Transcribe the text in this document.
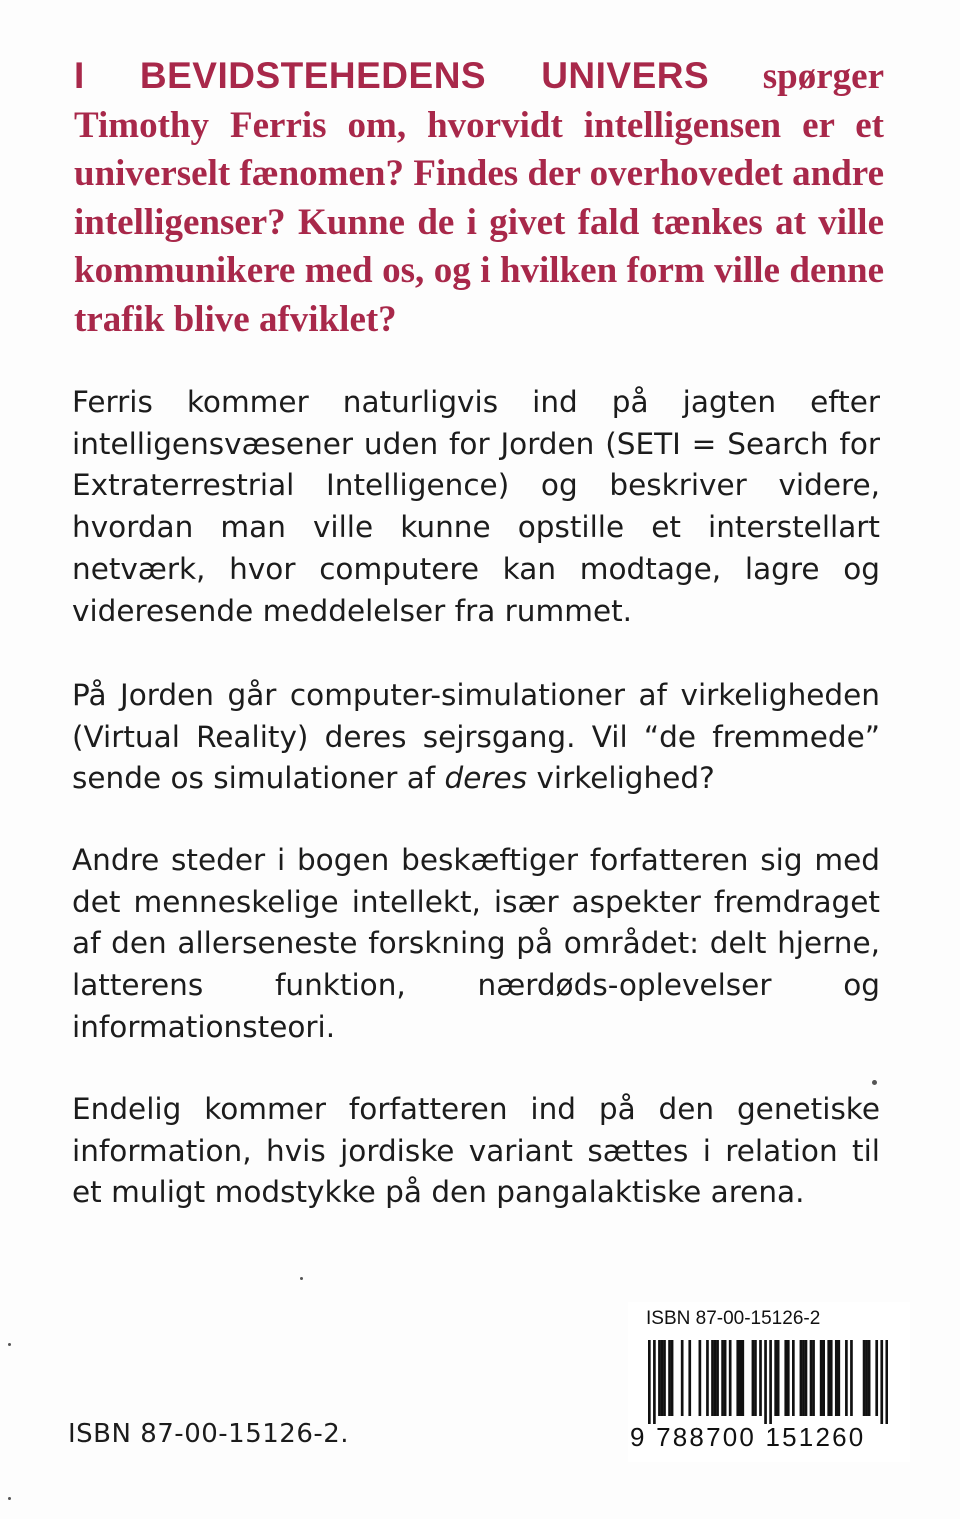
I BEVIDSTEHEDENS UNIVERS spørger Timothy Ferris om, hvorvidt intelligensen er et universelt fænomen? Findes der overhovedet andre intelligenser? Kunne de i givet fald tænkes at ville kommunikere med os, og i hvilken form ville denne trafik blive afviklet?

Ferris kommer naturligvis ind på jagten efter intelligensvæsener uden for Jorden (SETI = Search for Extraterrestrial Intelligence) og beskriver videre, hvordan man ville kunne opstille et interstellart netværk, hvor computere kan modtage, lagre og videresende meddelelser fra rummet.

På Jorden går computer-simulationer af virkeligheden (Virtual Reality) deres sejrsgang. Vil “de fremmede” sende os simulationer af deres virkelighed?

Andre steder i bogen beskæftiger forfatteren sig med det menneskelige intellekt, især aspekter fremdraget af den allerseneste forskning på området: delt hjerne, latterens funktion, nærdøds-oplevelser og informationsteori.

Endelig kommer forfatteren ind på den genetiske information, hvis jordiske variant sættes i relation til et muligt modstykke på den pangalaktiske arena.

ISBN 87-00-15126-2.

ISBN 87-00-15126-2

9 788700 151260
